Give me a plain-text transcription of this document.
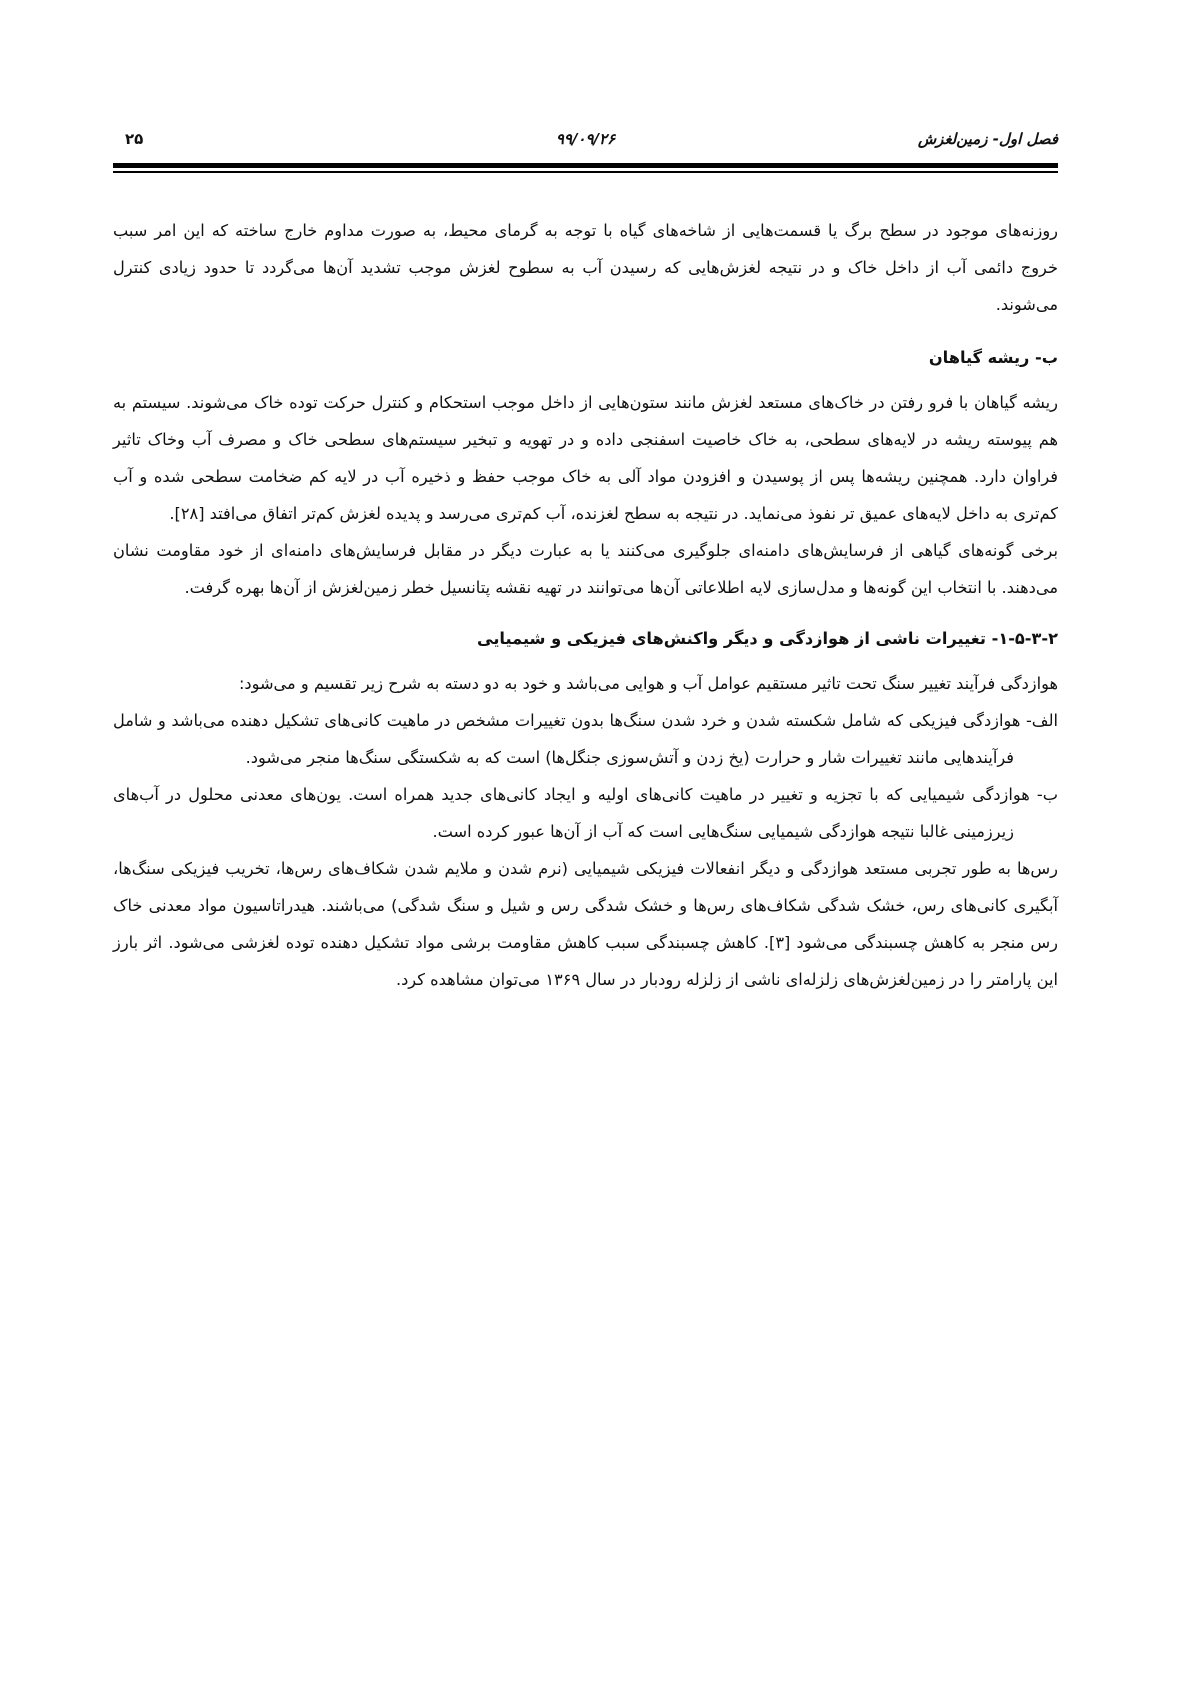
فصل اول- زمین‌لغزش
۹۹/۰۹/۲۶
۲۵

روزنه‌های موجود در سطح برگ یا قسمت‌هایی از شاخه‌های گیاه با توجه به گرمای محیط، به صورت مداوم خارج ساخته که این امر سبب خروج دائمی آب از داخل خاک و در نتیجه لغزش‌هایی که رسیدن آب به سطوح لغزش موجب تشدید آن‌ها می‌گردد تا حدود زیادی کنترل می‌شوند.

ب- ریشه گیاهان

ریشه گیاهان با فرو رفتن در خاک‌های مستعد لغزش مانند ستون‌هایی از داخل موجب استحکام و کنترل حرکت توده خاک می‌شوند. سیستم به هم پیوسته ریشه در لایه‌های سطحی، به خاک خاصیت اسفنجی داده و در تهویه و تبخیر سیستم‌های سطحی خاک و مصرف آب وخاک تاثیر فراوان دارد. همچنین ریشه‌ها پس از پوسیدن و افزودن مواد آلی به خاک موجب حفظ و ذخیره آب در لایه کم ضخامت سطحی شده و آب کم‌تری به داخل لایه‌های عمیق تر نفوذ می‌نماید. در نتیجه به سطح لغزنده، آب کم‌تری می‌رسد و پدیده لغزش کم‌تر اتفاق می‌افتد [۲۸].

برخی گونه‌های گیاهی از فرسایش‌های دامنه‌ای جلوگیری می‌کنند یا به عبارت دیگر در مقابل فرسایش‌های دامنه‌ای از خود مقاومت نشان می‌دهند. با انتخاب این گونه‌ها و مدل‌سازی لایه اطلاعاتی آن‌ها می‌توانند در تهیه نقشه پتانسیل خطر زمین‌لغزش از آن‌ها بهره گرفت.

۱-۵-۳-۲- تغییرات ناشی از هوازدگی و دیگر واکنش‌های فیزیکی و شیمیایی

هوازدگی فرآیند تغییر سنگ تحت تاثیر مستقیم عوامل آب و هوایی می‌باشد و خود به دو دسته به شرح زیر تقسیم و می‌شود:

الف- هوازدگی فیزیکی که شامل شکسته شدن و خرد شدن سنگ‌ها بدون تغییرات مشخص در ماهیت کانی‌های تشکیل دهنده می‌باشد و شامل فرآیندهایی مانند تغییرات شار و حرارت (یخ زدن و آتش‌سوزی جنگل‌ها) است که به شکستگی سنگ‌ها منجر می‌شود.

ب- هوازدگی شیمیایی که با تجزیه و تغییر در ماهیت کانی‌های اولیه و ایجاد کانی‌های جدید همراه است. یون‌های معدنی محلول در آب‌های زیرزمینی غالبا نتیجه هوازدگی شیمیایی سنگ‌هایی است که آب از آن‌ها عبور کرده است.

رس‌ها به طور تجربی مستعد هوازدگی و دیگر انفعالات فیزیکی شیمیایی (نرم شدن و ملایم شدن شکاف‌های رس‌ها، تخریب فیزیکی سنگ‌ها، آبگیری کانی‌های رس، خشک شدگی شکاف‌های رس‌ها و خشک شدگی رس و شیل و سنگ شدگی) می‌باشند. هیدراتاسیون مواد معدنی خاک رس منجر به کاهش چسبندگی می‌شود [۳]. کاهش چسبندگی سبب کاهش مقاومت برشی مواد تشکیل دهنده توده لغزشی می‌شود. اثر بارز این پارامتر را در زمین‌لغزش‌های زلزله‌ای ناشی از زلزله رودبار در سال ۱۳۶۹ می‌توان مشاهده کرد.
